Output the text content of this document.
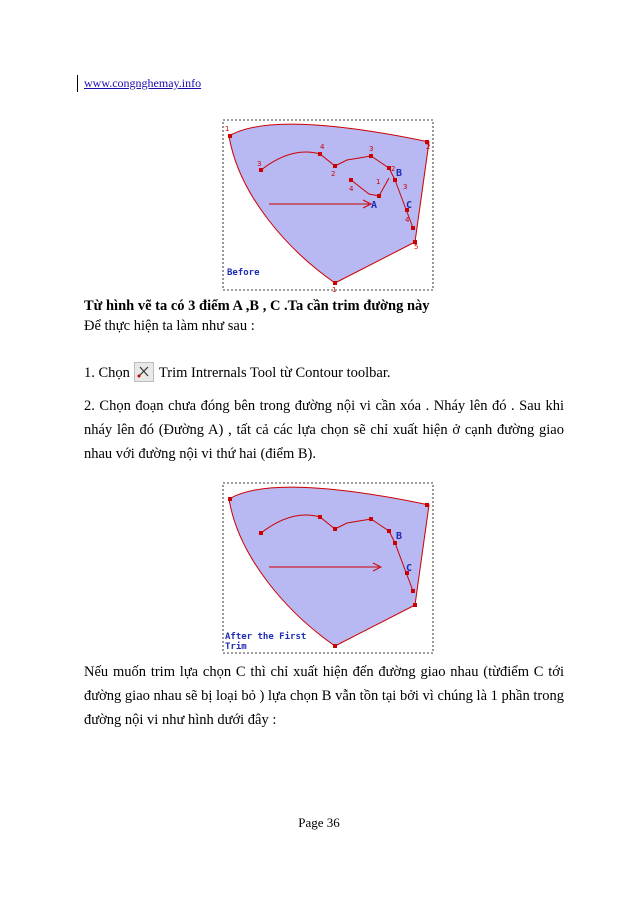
www.congnghemay.info
1
2
3
4
2
3
4
1
2
3
4
5
1
B
A	C
Before
Từ hình vẽ ta có 3 điểm A ,B , C .Ta cần trim đường này
Để thực hiện ta làm như sau :
1. Chọn Trim Intrernals Tool từ Contour toolbar.
2. Chọn đoạn chưa đóng bên trong đường nội vi cần xóa . Nháy lên đó . Sau khi nháy lên đó (Đường A) , tất cả các lựa chọn sẽ chỉ xuất hiện ở cạnh đường giao nhau với đường nội vi thứ hai (điểm B).
B
C
After the First
Trim
Nếu muốn trim lựa chọn C thì chỉ xuất hiện đến đường giao nhau (từđiểm C tới đường giao nhau sẽ bị loại bỏ ) lựa chọn B vẫn tồn tại bởi vì chúng là 1 phần trong đường nội vi như hình dưới đây :
Page 36
